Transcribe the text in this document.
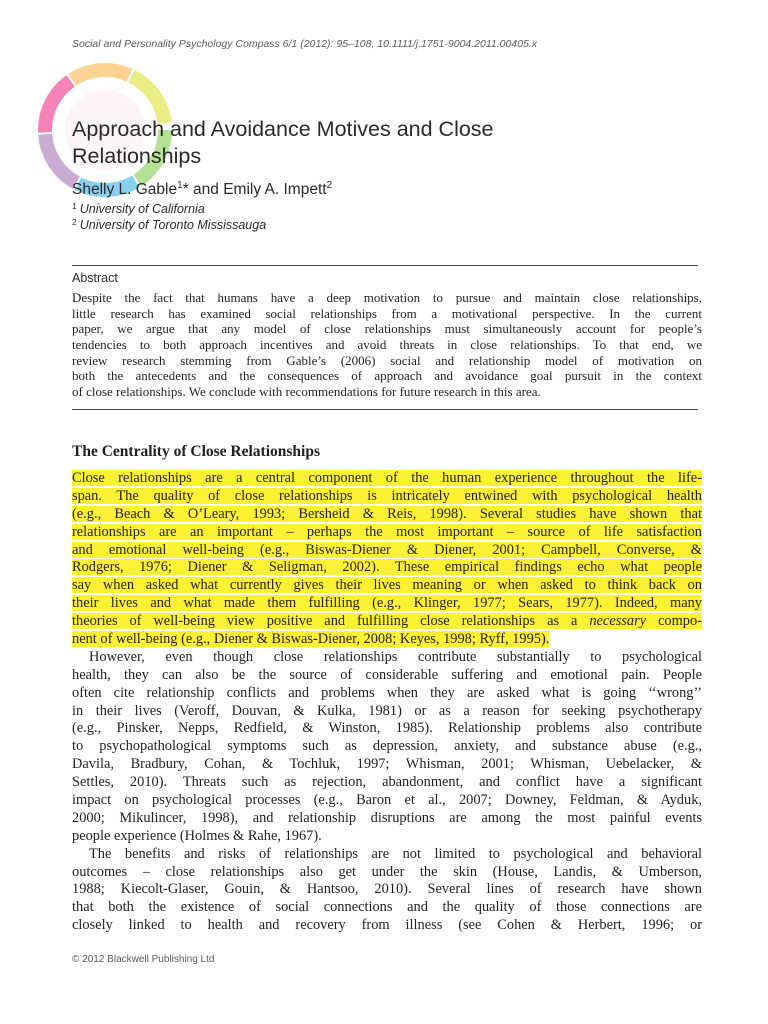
Social and Personality Psychology Compass 6/1 (2012): 95–108, 10.1111/j.1751-9004.2011.00405.x
Approach and Avoidance Motives and Close
Relationships

Shelly L. Gable$^1$* and Emily A. Impett$^2$

$^1$ University of California

$^2$ University of Toronto Mississauga

Abstract
Despite the fact that humans have a deep motivation to pursue and maintain close relationships,
little research has examined social relationships from a motivational perspective. In the current
paper, we argue that any model of close relationships must simultaneously account for people’s
tendencies to both approach incentives and avoid threats in close relationships. To that end, we
review research stemming from Gable’s (2006) social and relationship model of motivation on
both the antecedents and the consequences of approach and avoidance goal pursuit in the context
of close relationships. We conclude with recommendations for future research in this area.
The Centrality of Close Relationships
Close relationships are a central component of the human experience throughout the life-
span. The quality of close relationships is intricately entwined with psychological health
(e.g., Beach & O’Leary, 1993; Bersheid & Reis, 1998). Several studies have shown that
relationships are an important – perhaps the most important – source of life satisfaction
and emotional well-being (e.g., Biswas-Diener & Diener, 2001; Campbell, Converse, &
Rodgers, 1976; Diener & Seligman, 2002). These empirical findings echo what people
say when asked what currently gives their lives meaning or when asked to think back on
their lives and what made them fulfilling (e.g., Klinger, 1977; Sears, 1977). Indeed, many
theories of well-being view positive and fulfilling close relationships as a necessary compo-
nent of well-being (e.g., Diener & Biswas-Diener, 2008; Keyes, 1998; Ryff, 1995).
However, even though close relationships contribute substantially to psychological
health, they can also be the source of considerable suffering and emotional pain. People
often cite relationship conflicts and problems when they are asked what is going ‘‘wrong’’
in their lives (Veroff, Douvan, & Kulka, 1981) or as a reason for seeking psychotherapy
(e.g., Pinsker, Nepps, Redfield, & Winston, 1985). Relationship problems also contribute
to psychopathological symptoms such as depression, anxiety, and substance abuse (e.g.,
Davila, Bradbury, Cohan, & Tochluk, 1997; Whisman, 2001; Whisman, Uebelacker, &
Settles, 2010). Threats such as rejection, abandonment, and conflict have a significant
impact on psychological processes (e.g., Baron et al., 2007; Downey, Feldman, & Ayduk,
2000; Mikulincer, 1998), and relationship disruptions are among the most painful events
people experience (Holmes & Rahe, 1967).
The benefits and risks of relationships are not limited to psychological and behavioral
outcomes – close relationships also get under the skin (House, Landis, & Umberson,
1988; Kiecolt-Glaser, Gouin, & Hantsoo, 2010). Several lines of research have shown
that both the existence of social connections and the quality of those connections are
closely linked to health and recovery from illness (see Cohen & Herbert, 1996; or
© 2012 Blackwell Publishing Ltd
